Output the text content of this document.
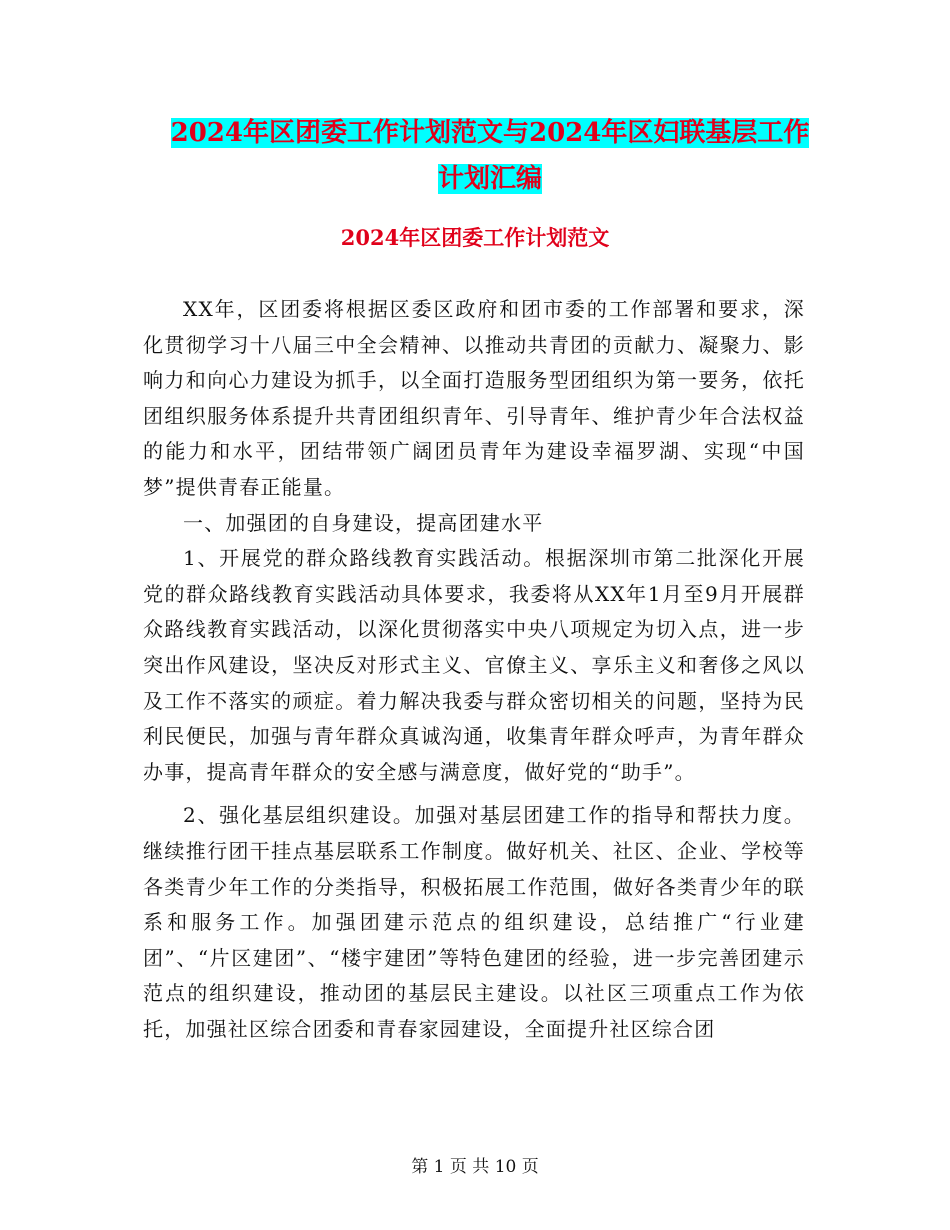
2024年区团委工作计划范文与2024年区妇联基层工作
计划汇编
2024年区团委工作计划范文

XX年，区团委将根据区委区政府和团市委的工作部署和要求，深化贯彻学习十八届三中全会精神、以推动共青团的贡献力、凝聚力、影响力和向心力建设为抓手，以全面打造服务型团组织为第一要务，依托团组织服务体系提升共青团组织青年、引导青年、维护青少年合法权益的能力和水平，团结带领广阔团员青年为建设幸福罗湖、实现“中国梦”提供青春正能量。

一、加强团的自身建设，提高团建水平

1、开展党的群众路线教育实践活动。根据深圳市第二批深化开展党的群众路线教育实践活动具体要求，我委将从XX年1月至9月开展群众路线教育实践活动，以深化贯彻落实中央八项规定为切入点，进一步突出作风建设，坚决反对形式主义、官僚主义、享乐主义和奢侈之风以及工作不落实的顽症。着力解决我委与群众密切相关的问题，坚持为民利民便民，加强与青年群众真诚沟通，收集青年群众呼声，为青年群众办事，提高青年群众的安全感与满意度，做好党的“助手”。

2、强化基层组织建设。加强对基层团建工作的指导和帮扶力度。继续推行团干挂点基层联系工作制度。做好机关、社区、企业、学校等各类青少年工作的分类指导，积极拓展工作范围，做好各类青少年的联系和服务工作。加强团建示范点的组织建设，总结推广“行业建团”、“片区建团”、“楼宇建团”等特色建团的经验，进一步完善团建示范点的组织建设，推动团的基层民主建设。以社区三项重点工作为依托，加强社区综合团委和青春家园建设，全面提升社区综合团

第 1 页 共 10 页
